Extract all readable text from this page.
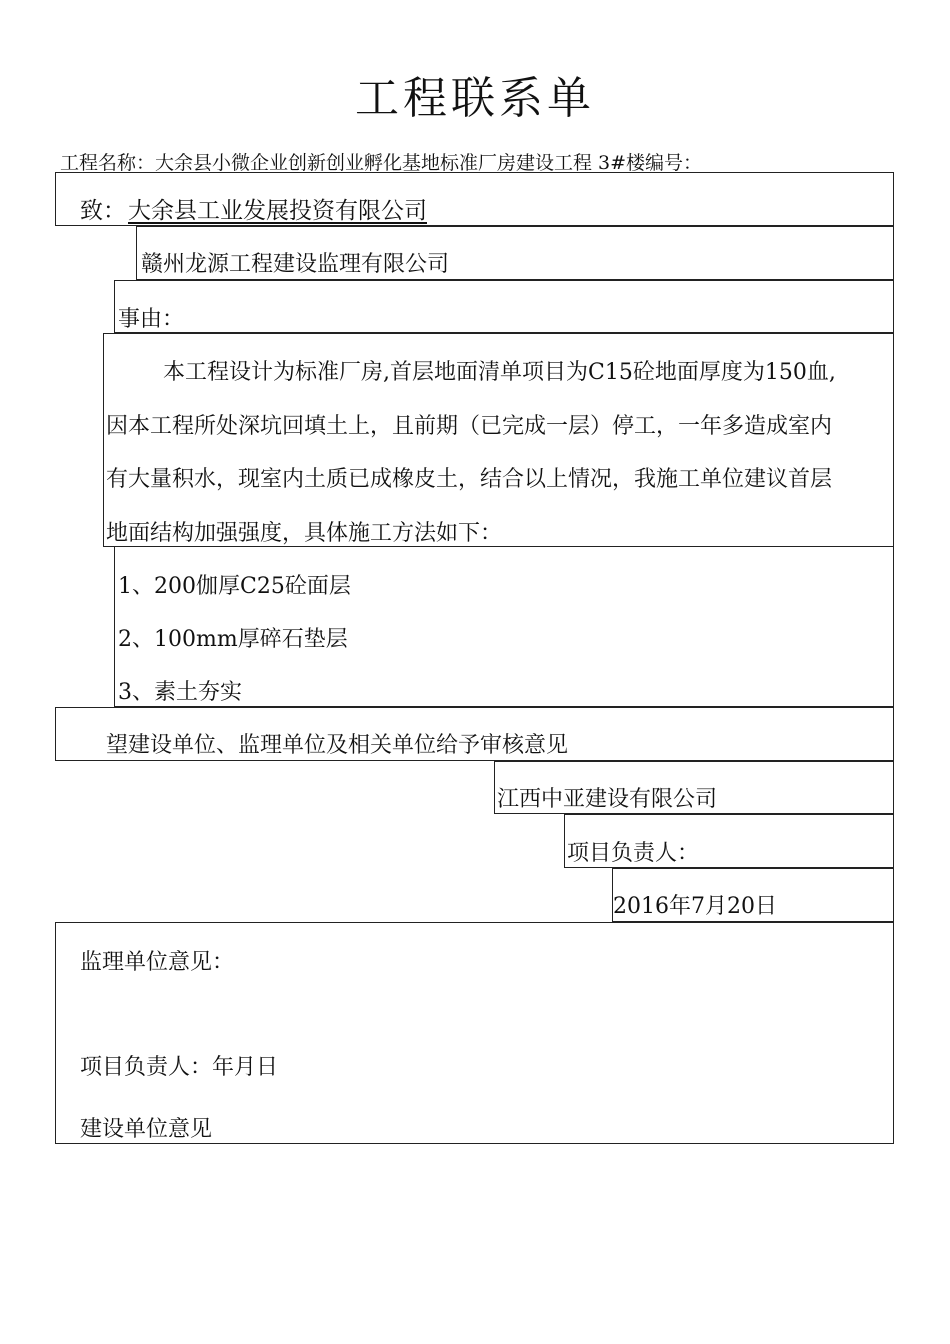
工程联系单
工程名称：大余县小微企业创新创业孵化基地标准厂房建设工程 3#楼编号：
致： 大余县工业发展投资有限公司
赣州龙源工程建设监理有限公司
事由：
本工程设计为标准厂房,首层地面清单项目为C15砼地面厚度为150血,
因本工程所处深坑回填土上，且前期（已完成一层）停工，一年多造成室内
有大量积水，现室内土质已成橡皮土，结合以上情况，我施工单位建议首层
地面结构加强强度，具体施工方法如下：
1、200伽厚C25砼面层
2、100mm厚碎石垫层
3、素土夯实
望建设单位、监理单位及相关单位给予审核意见
江西中亚建设有限公司
项目负责人：
2016年7月20日
监理单位意见：
项目负责人：年月日
建设单位意见
